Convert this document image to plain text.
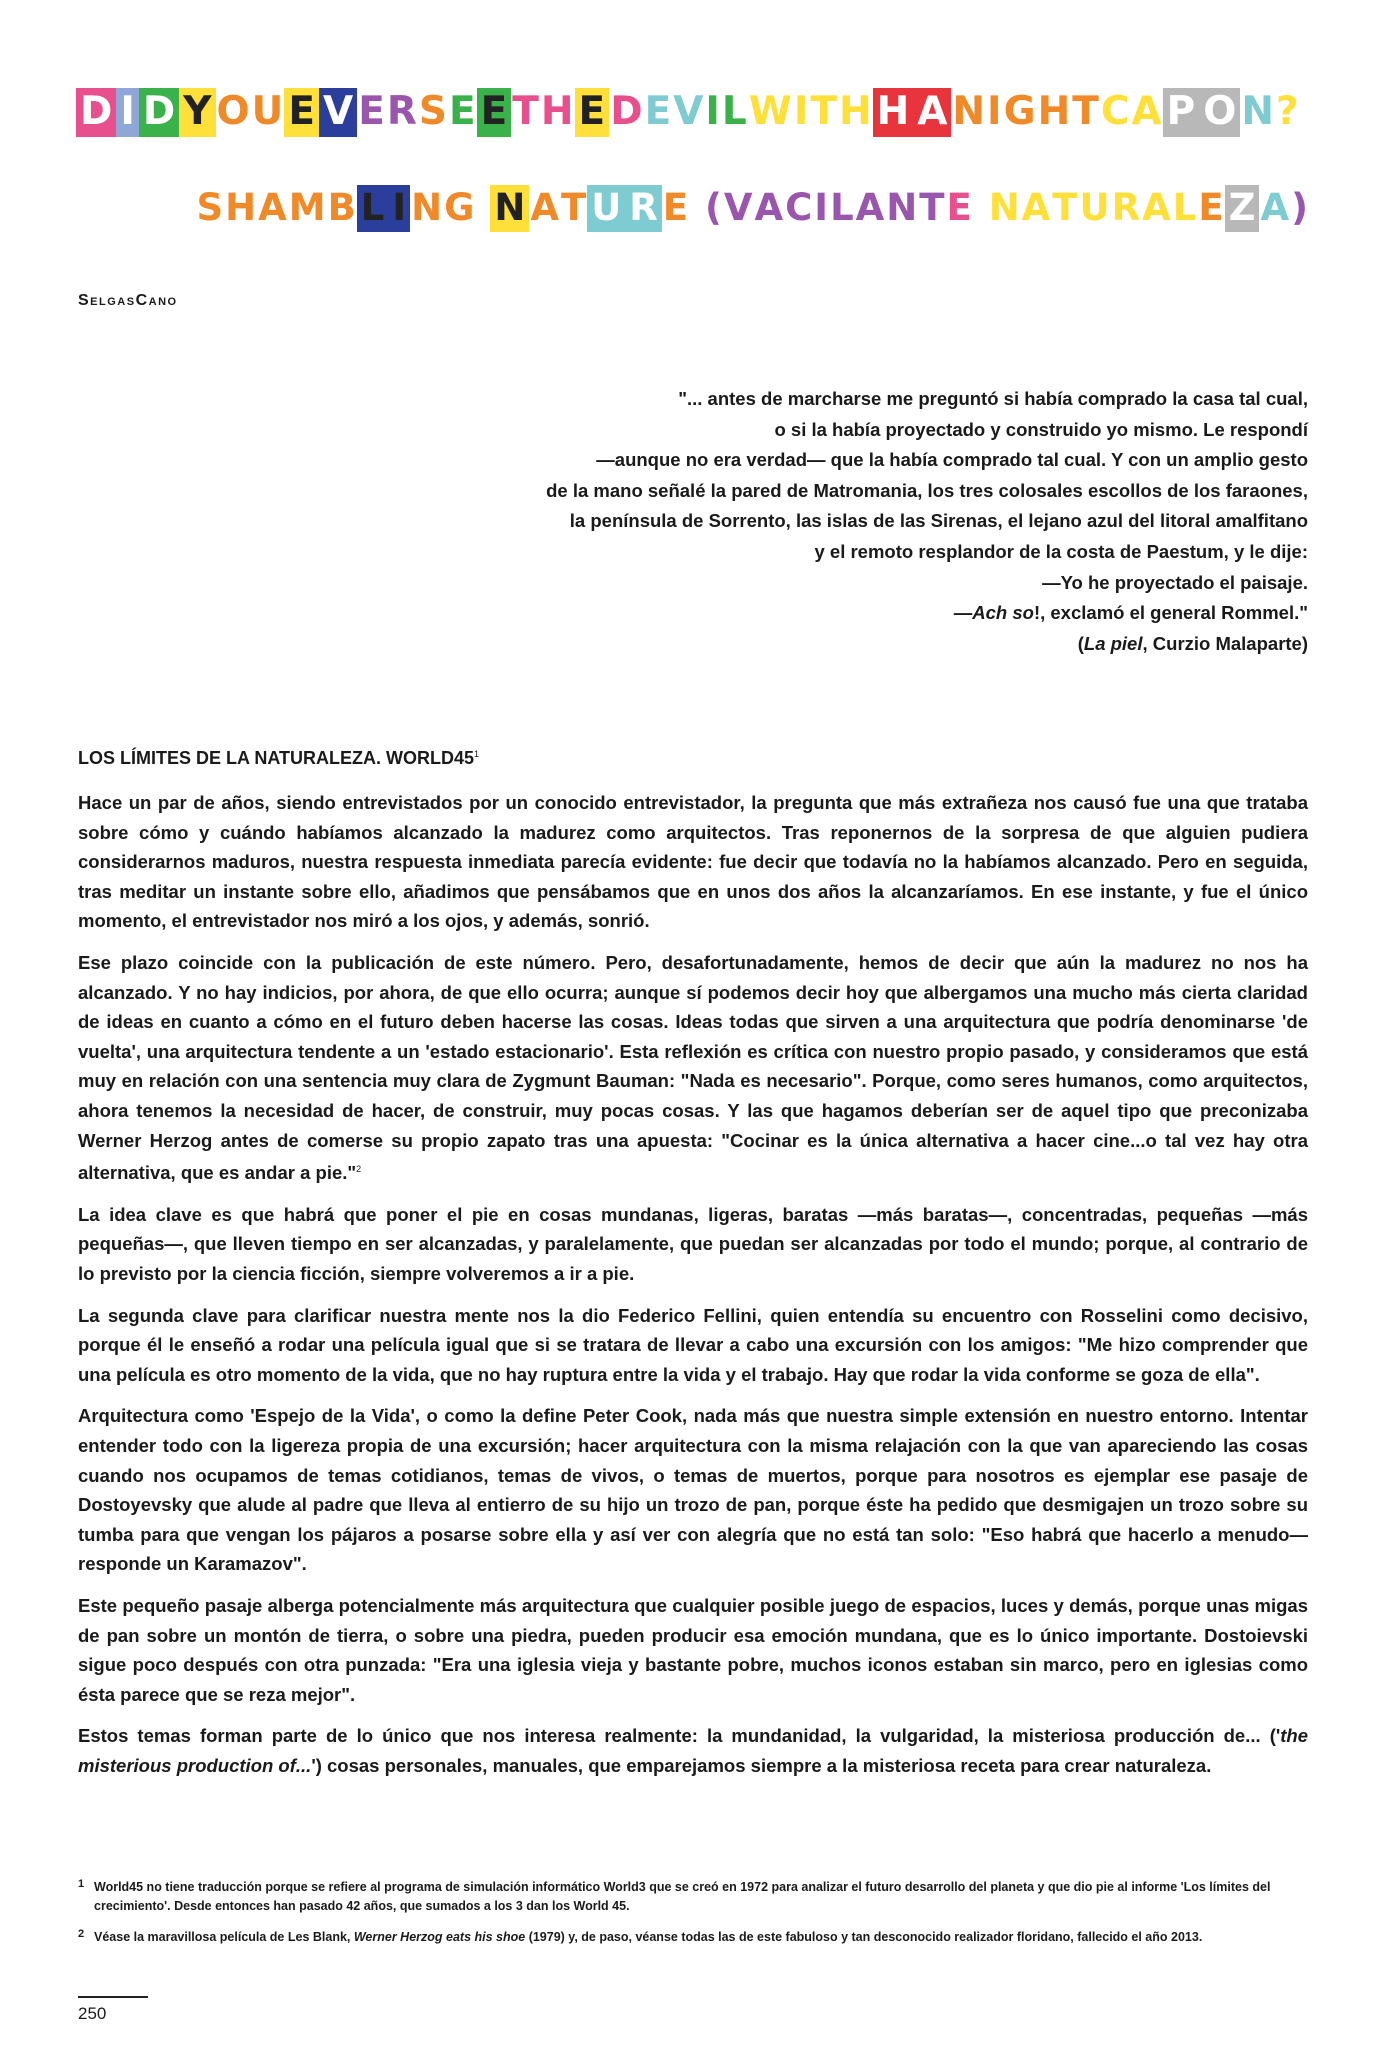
D I D Y O U E V E R S E E T H E D E V I L W I T H H A N I G H T C A P O N ?
S H A M B L I N G
N A T U R E
( V A C I L A N T E
N A T U R A L E Z A )
SelgasCano
"... antes de marcharse me preguntó si había comprado la casa tal cual,
o si la había proyectado y construido yo mismo. Le respondí
—aunque no era verdad— que la había comprado tal cual. Y con un amplio gesto
de la mano señalé la pared de Matromania, los tres colosales escollos de los faraones,
la península de Sorrento, las islas de las Sirenas, el lejano azul del litoral amalfitano
y el remoto resplandor de la costa de Paestum, y le dije:
—Yo he proyectado el paisaje.
—Ach so!, exclamó el general Rommel."
(La piel, Curzio Malaparte)
LOS LÍMITES DE LA NATURALEZA. $WORLD45^1$

Hace un par de años, siendo entrevistados por un conocido entrevistador, la pregunta que más extrañeza nos causó fue una que trataba sobre cómo y cuándo habíamos alcanzado la madurez como arquitectos. Tras reponernos de la sorpresa de que alguien pudiera considerarnos maduros, nuestra respuesta inmediata parecía evidente: fue decir que todavía no la habíamos alcanzado. Pero en seguida, tras meditar un instante sobre ello, añadimos que pensábamos que en unos dos años la alcanzaríamos. En ese instante, y fue el único momento, el entrevistador nos miró a los ojos, y además, sonrió.

Ese plazo coincide con la publicación de este número. Pero, desafortunadamente, hemos de decir que aún la madurez no nos ha alcanzado. Y no hay indicios, por ahora, de que ello ocurra; aunque sí podemos decir hoy que albergamos una mucho más cierta claridad de ideas en cuanto a cómo en el futuro deben hacerse las cosas. Ideas todas que sirven a una arquitectura que podría denominarse 'de vuelta', una arquitectura tendente a un 'estado estacionario'. Esta reflexión es crítica con nuestro propio pasado, y consideramos que está muy en relación con una sentencia muy clara de Zygmunt Bauman: "Nada es necesario". Porque, como seres humanos, como arquitectos, ahora tenemos la necesidad de hacer, de construir, muy pocas cosas. Y las que hagamos deberían ser de aquel tipo que preconizaba Werner Herzog antes de comerse su propio zapato tras una apuesta: "Cocinar es la única alternativa a hacer cine...o tal vez hay otra alternativa, que es andar a pie."$^2$

La idea clave es que habrá que poner el pie en cosas mundanas, ligeras, baratas —más baratas—, concentradas, pequeñas —más pequeñas—, que lleven tiempo en ser alcanzadas, y paralelamente, que puedan ser alcanzadas por todo el mundo; porque, al contrario de lo previsto por la ciencia ficción, siempre volveremos a ir a pie.

La segunda clave para clarificar nuestra mente nos la dio Federico Fellini, quien entendía su encuentro con Rosselini como decisivo, porque él le enseñó a rodar una película igual que si se tratara de llevar a cabo una excursión con los amigos: "Me hizo comprender que una película es otro momento de la vida, que no hay ruptura entre la vida y el trabajo. Hay que rodar la vida conforme se goza de ella".

Arquitectura como 'Espejo de la Vida', o como la define Peter Cook, nada más que nuestra simple extensión en nuestro entorno. Intentar entender todo con la ligereza propia de una excursión; hacer arquitectura con la misma relajación con la que van apareciendo las cosas cuando nos ocupamos de temas cotidianos, temas de vivos, o temas de muertos, porque para nosotros es ejemplar ese pasaje de Dostoyevsky que alude al padre que lleva al entierro de su hijo un trozo de pan, porque éste ha pedido que desmigajen un trozo sobre su tumba para que vengan los pájaros a posarse sobre ella y así ver con alegría que no está tan solo: "Eso habrá que hacerlo a menudo— responde un Karamazov".

Este pequeño pasaje alberga potencialmente más arquitectura que cualquier posible juego de espacios, luces y demás, porque unas migas de pan sobre un montón de tierra, o sobre una piedra, pueden producir esa emoción mundana, que es lo único importante. Dostoievski sigue poco después con otra punzada: "Era una iglesia vieja y bastante pobre, muchos iconos estaban sin marco, pero en iglesias como ésta parece que se reza mejor".

Estos temas forman parte de lo único que nos interesa realmente: la mundanidad, la vulgaridad, la misteriosa producción de... ('the misterious production of...') cosas personales, manuales, que emparejamos siempre a la misteriosa receta para crear naturaleza.

1 World45 no tiene traducción porque se refiere al programa de simulación informático World3 que se creó en 1972 para analizar el futuro desarrollo del planeta y que dio pie al informe 'Los límites del crecimiento'. Desde entonces han pasado 42 años, que sumados a los 3 dan los World 45.
2 Véase la maravillosa película de Les Blank, Werner Herzog eats his shoe (1979) y, de paso, véanse todas las de este fabuloso y tan desconocido realizador floridano, fallecido el año 2013.
250
